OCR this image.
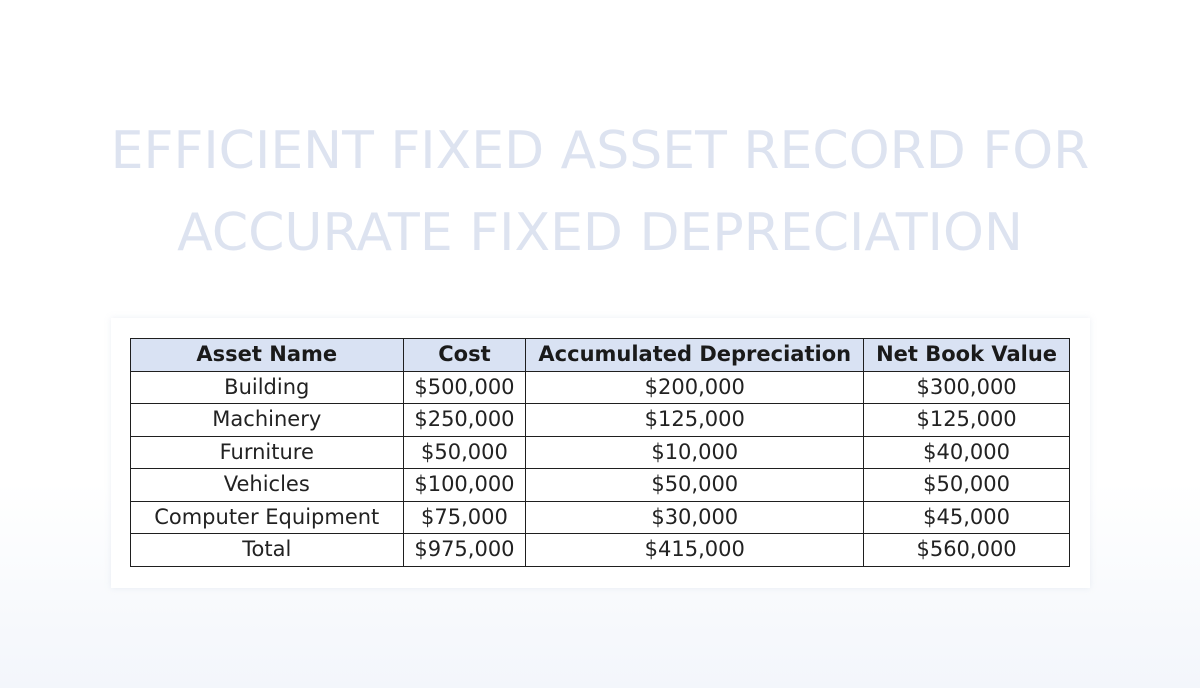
EFFICIENT FIXED ASSET RECORD FOR
ACCURATE FIXED DEPRECIATION
Asset Name	Cost	Accumulated Depreciation	Net Book Value
Building	$500,000	$200,000	$300,000
Machinery	$250,000	$125,000	$125,000
Furniture	$50,000	$10,000	$40,000
Vehicles	$100,000	$50,000	$50,000
Computer Equipment	$75,000	$30,000	$45,000
Total	$975,000	$415,000	$560,000
